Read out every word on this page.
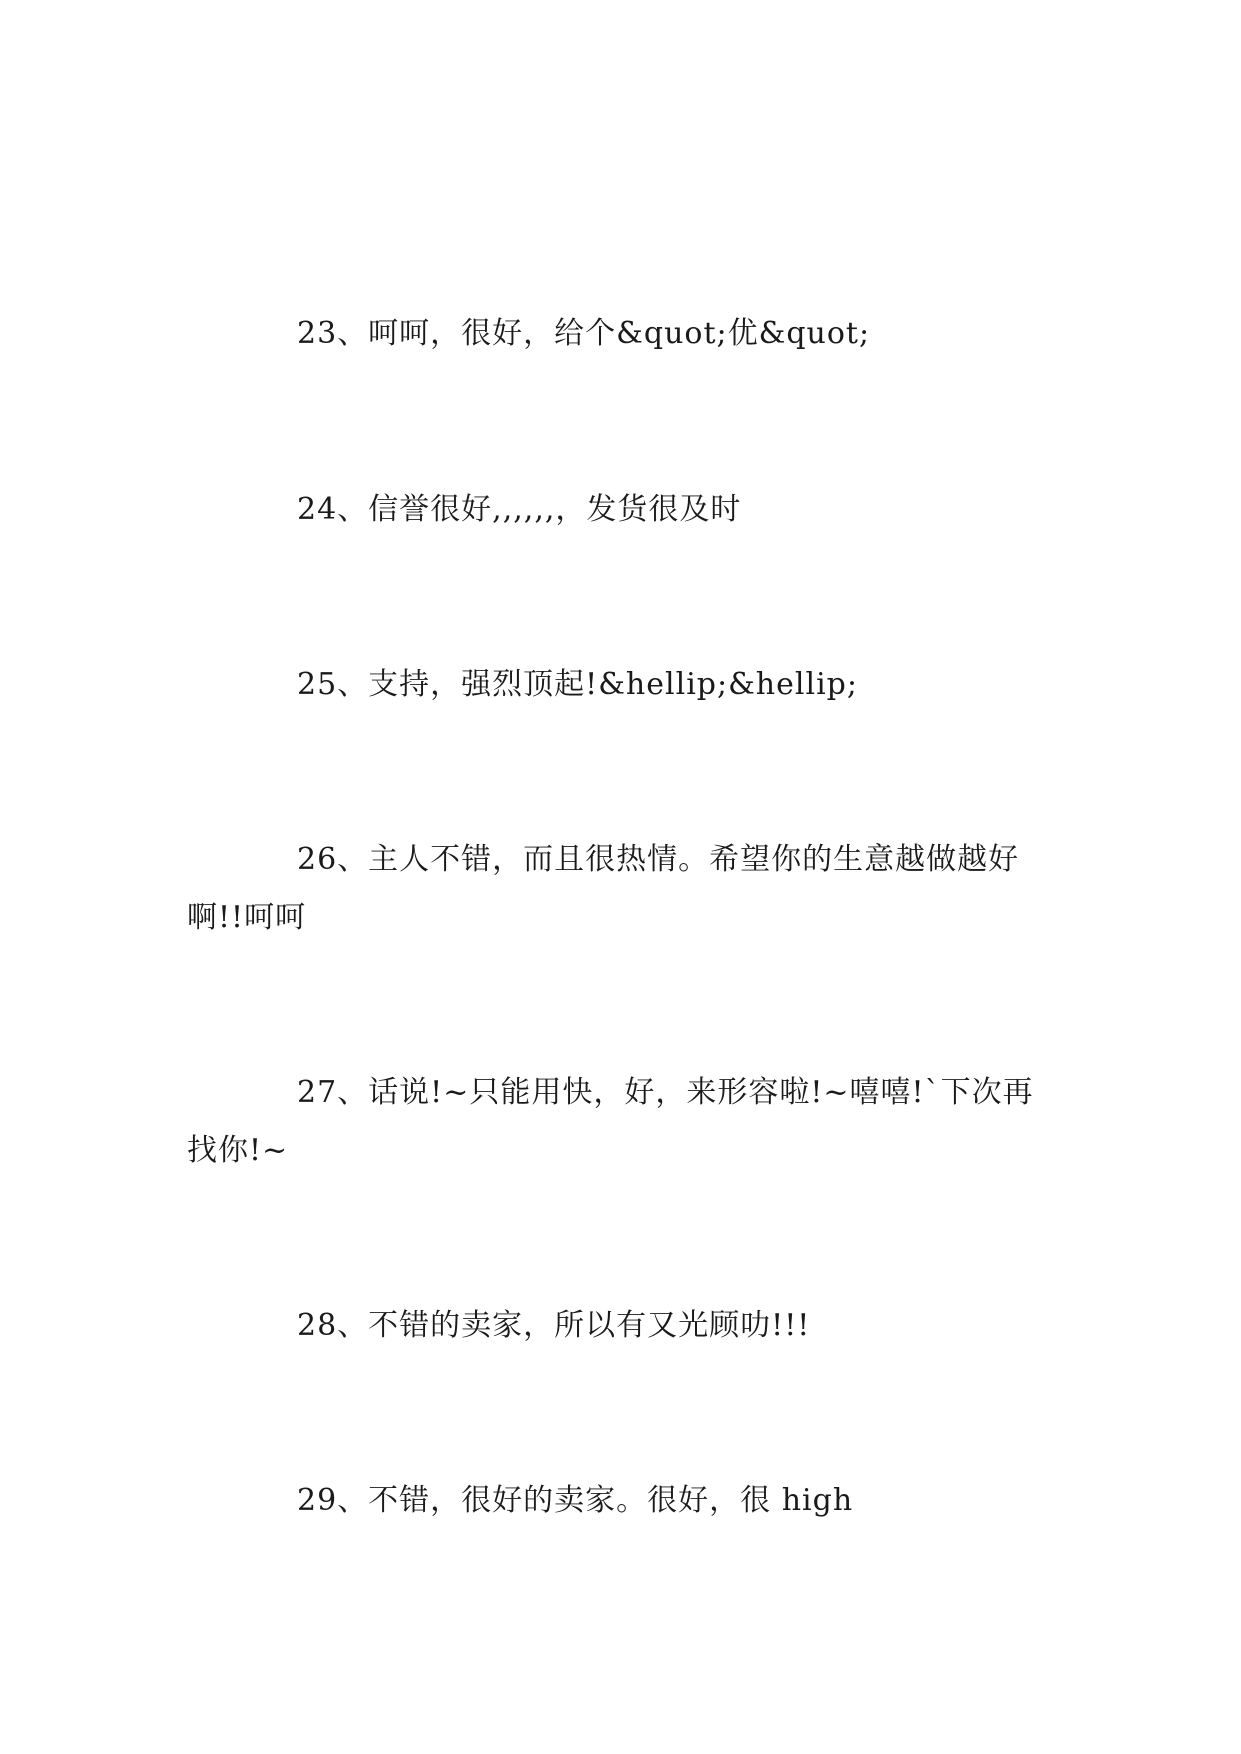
23、呵呵，很好，给个&quot;优&quot;

24、信誉很好,,,,,,，发货很及时

25、支持，强烈顶起!&hellip;&hellip;

26、主人不错，而且很热情。希望你的生意越做越好啊!!呵呵

27、话说!~只能用快，好，来形容啦!~嘻嘻!`下次再找你!~

28、不错的卖家，所以有又光顾叻!!!

29、不错，很好的卖家。很好，很 high
